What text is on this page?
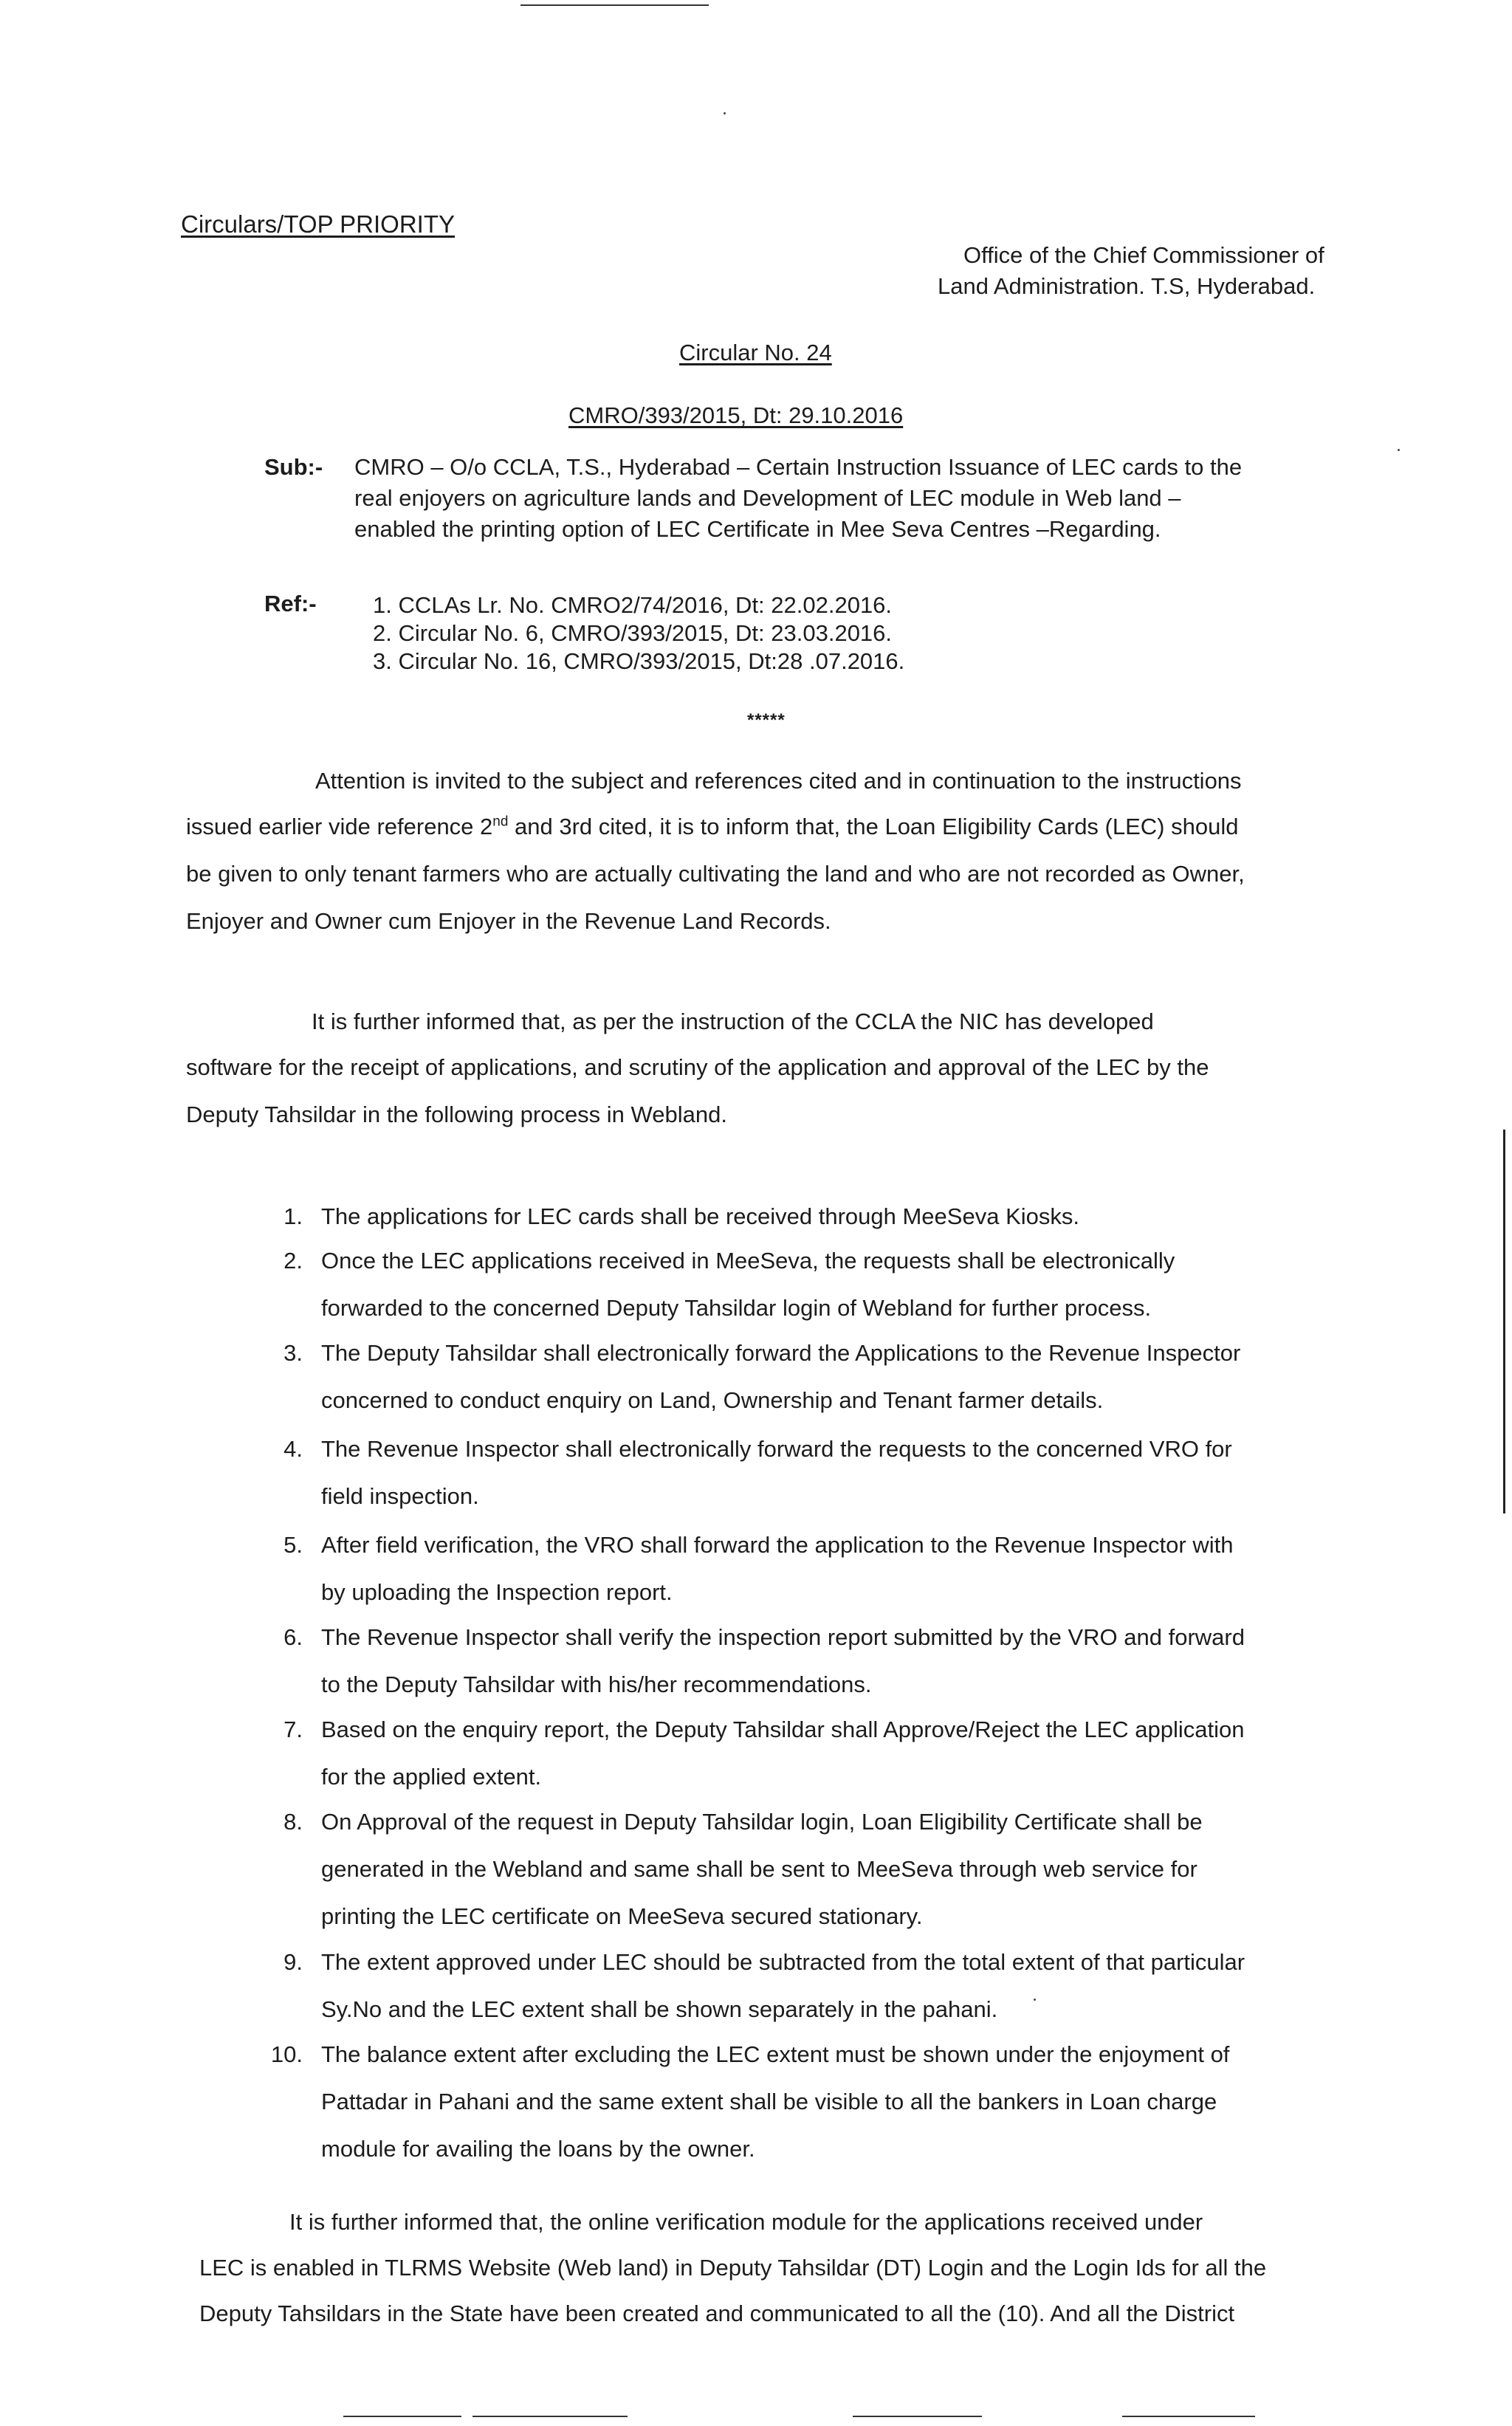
Circulars/TOP PRIORITY
Office of the Chief Commissioner of
Land Administration. T.S, Hyderabad.
Circular No. 24
CMRO/393/2015, Dt: 29.10.2016
Sub:- CMRO – O/o CCLA, T.S., Hyderabad – Certain Instruction Issuance of LEC cards to the
real enjoyers on agriculture lands and Development of LEC module in Web land –
enabled the printing option of LEC Certificate in Mee Seva Centres –Regarding.
Ref:- 1. CCLAs Lr. No. CMRO2/74/2016, Dt: 22.02.2016.
2. Circular No. 6, CMRO/393/2015, Dt: 23.03.2016.
3. Circular No. 16, CMRO/393/2015, Dt:28 .07.2016.
*****
Attention is invited to the subject and references cited and in continuation to the instructions
issued earlier vide reference 2nd and 3rd cited, it is to inform that, the Loan Eligibility Cards (LEC) should
be given to only tenant farmers who are actually cultivating the land and who are not recorded as Owner,
Enjoyer and Owner cum Enjoyer in the Revenue Land Records.
It is further informed that, as per the instruction of the CCLA the NIC has developed
software for the receipt of applications, and scrutiny of the application and approval of the LEC by the
Deputy Tahsildar in the following process in Webland.
1. The applications for LEC cards shall be received through MeeSeva Kiosks.
2. Once the LEC applications received in MeeSeva, the requests shall be electronically
forwarded to the concerned Deputy Tahsildar login of Webland for further process.
3. The Deputy Tahsildar shall electronically forward the Applications to the Revenue Inspector
concerned to conduct enquiry on Land, Ownership and Tenant farmer details.
4. The Revenue Inspector shall electronically forward the requests to the concerned VRO for
field inspection.
5. After field verification, the VRO shall forward the application to the Revenue Inspector with
by uploading the Inspection report.
6. The Revenue Inspector shall verify the inspection report submitted by the VRO and forward
to the Deputy Tahsildar with his/her recommendations.
7. Based on the enquiry report, the Deputy Tahsildar shall Approve/Reject the LEC application
for the applied extent.
8. On Approval of the request in Deputy Tahsildar login, Loan Eligibility Certificate shall be
generated in the Webland and same shall be sent to MeeSeva through web service for
printing the LEC certificate on MeeSeva secured stationary.
9. The extent approved under LEC should be subtracted from the total extent of that particular
Sy.No and the LEC extent shall be shown separately in the pahani.
10. The balance extent after excluding the LEC extent must be shown under the enjoyment of
Pattadar in Pahani and the same extent shall be visible to all the bankers in Loan charge
module for availing the loans by the owner.
It is further informed that, the online verification module for the applications received under
LEC is enabled in TLRMS Website (Web land) in Deputy Tahsildar (DT) Login and the Login Ids for all the
Deputy Tahsildars in the State have been created and communicated to all the (10). And all the District
